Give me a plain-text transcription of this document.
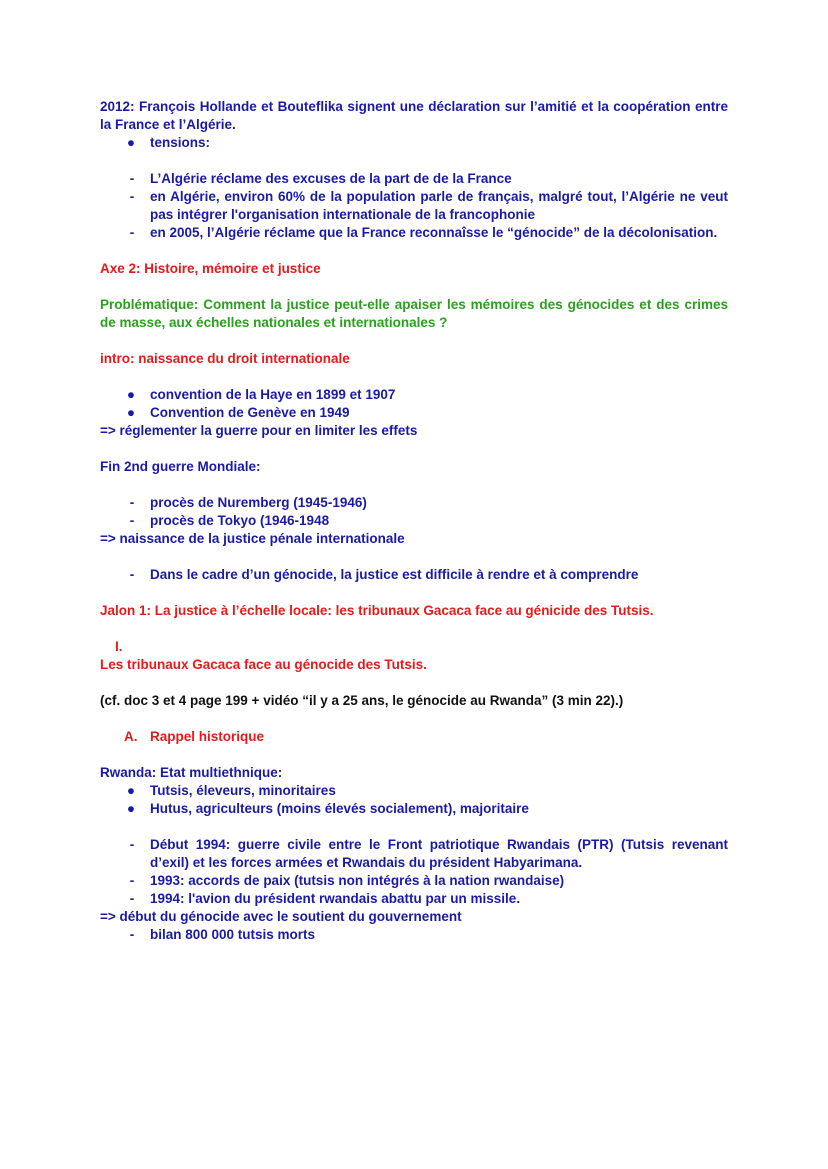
2012: François Hollande et Bouteflika signent une déclaration sur l’amitié et la coopération entre la France et l’Algérie.

● tensions:
-	L’Algérie réclame des excuses de la part de de la France
-	en Algérie, environ 60% de la population parle de français, malgré tout, l’Algérie ne veut pas intégrer l'organisation internationale de la francophonie
-	en 2005, l’Algérie réclame que la France reconnaîsse le “génocide” de la décolonisation.

Axe 2: Histoire, mémoire et justice

Problématique: Comment la justice peut-elle apaiser les mémoires des génocides et des crimes de masse, aux échelles nationales et internationales ?

intro: naissance du droit internationale

● convention de la Haye en 1899 et 1907
● Convention de Genève en 1949

=> réglementer la guerre pour en limiter les effets

Fin 2nd guerre Mondiale:

-	procès de Nuremberg (1945-1946)
-	procès de Tokyo (1946-1948

=> naissance de la justice pénale internationale

-	Dans le cadre d’un génocide, la justice est difficile à rendre et à comprendre

Jalon 1: La justice à l’échelle locale: les tribunaux Gacaca face au génicide des Tutsis.

I.

Les tribunaux Gacaca face au génocide des Tutsis.

(cf. doc 3 et 4 page 199 + vidéo “il y a 25 ans, le génocide au Rwanda” (3 min 22).)

A. Rappel historique

Rwanda: Etat multiethnique:

● Tutsis, éleveurs, minoritaires
● Hutus, agriculteurs (moins élevés socialement), majoritaire
-	Début 1994: guerre civile entre le Front patriotique Rwandais (PTR) (Tutsis revenant d’exil) et les forces armées et Rwandais du président Habyarimana.
-	1993: accords de paix (tutsis non intégrés à la nation rwandaise)
-	1994: l'avion du président rwandais abattu par un missile.

=> début du génocide avec le soutient du gouvernement

-	bilan 800 000 tutsis morts
